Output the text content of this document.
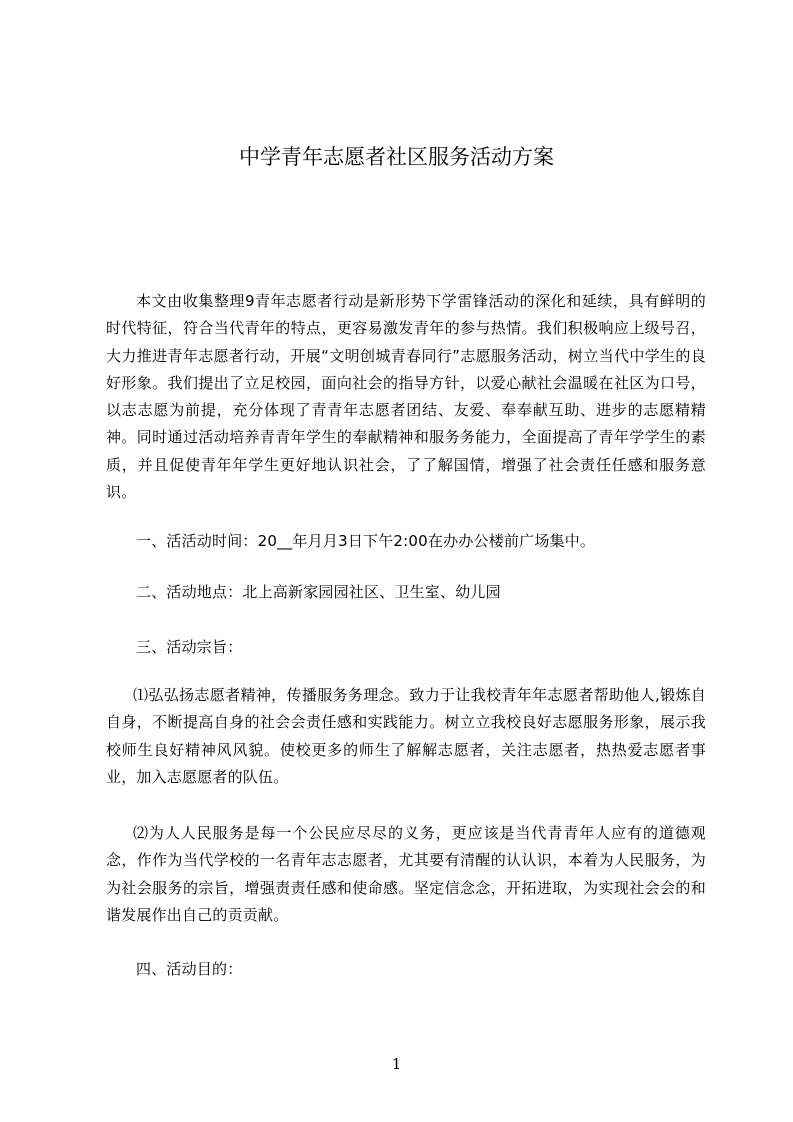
中学青年志愿者社区服务活动方案

本文由收集整理9青年志愿者行动是新形势下学雷锋活动的深化和延续，具有鲜明的时代特征，符合当代青年的特点，更容易激发青年的参与热情。我们积极响应上级号召，大力推进青年志愿者行动，开展“文明创城青春同行”志愿服务活动，树立当代中学生的良好形象。我们提出了立足校园，面向社会的指导方针，以爱心献社会温暖在社区为口号，以志志愿为前提，充分体现了青青年志愿者团结、友爱、奉奉献互助、进步的志愿精精神。同时通过活动培养青青年学生的奉献精神和服务务能力，全面提高了青年学学生的素质，并且促使青年年学生更好地认识社会，了了解国情，增强了社会责任任感和服务意识。

一、活活动时间：20__年月月3日下午2:00在办办公楼前广场集中。

二、活动地点：北上高新家园园社区、卫生室、幼儿园

三、活动宗旨：

⑴弘弘扬志愿者精神，传播服务务理念。致力于让我校青年年志愿者帮助他人,锻炼自自身，不断提高自身的社会会责任感和实践能力。树立立我校良好志愿服务形象，展示我校师生良好精神风风貌。使校更多的师生了解解志愿者，关注志愿者，热热爱志愿者事业，加入志愿愿者的队伍。

⑵为人人民服务是每一个公民应尽尽的义务，更应该是当代青青年人应有的道德观念，作作为当代学校的一名青年志志愿者，尤其要有清醒的认认识，本着为人民服务，为为社会服务的宗旨，增强责责任感和使命感。坚定信念念，开拓进取，为实现社会会的和谐发展作出自己的贡贡献。

四、活动目的：

1
